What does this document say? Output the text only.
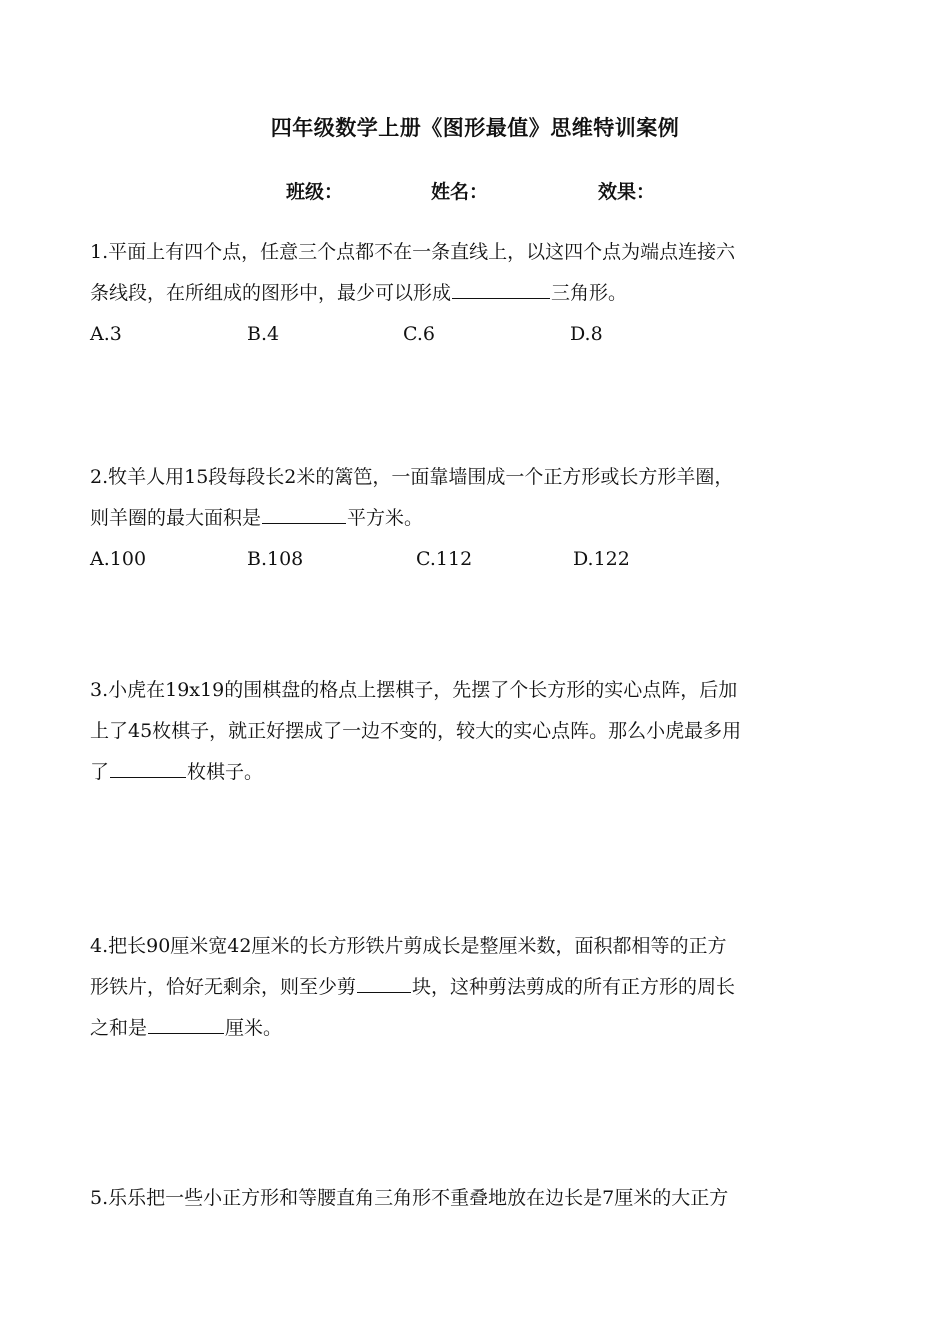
四年级数学上册《图形最值》思维特训案例
班级：	姓名：	效果：
1.平面上有四个点，任意三个点都不在一条直线上，以这四个点为端点连接六
条线段，在所组成的图形中，最少可以形成	三角形。
A.3	B.4	C.6	D.8
2.牧羊人用15段每段长2米的篱笆，一面靠墙围成一个正方形或长方形羊圈，
则羊圈的最大面积是	平方米。
A.100	B.108	C.112	D.122
3.小虎在19x19的围棋盘的格点上摆棋子，先摆了个长方形的实心点阵，后加
上了45枚棋子，就正好摆成了一边不变的，较大的实心点阵。那么小虎最多用
了	枚棋子。
4.把长90厘米宽42厘米的长方形铁片剪成长是整厘米数，面积都相等的正方
形铁片，恰好无剩余，则至少剪	块，这种剪法剪成的所有正方形的周长
之和是	厘米。
5.乐乐把一些小正方形和等腰直角三角形不重叠地放在边长是7厘米的大正方
